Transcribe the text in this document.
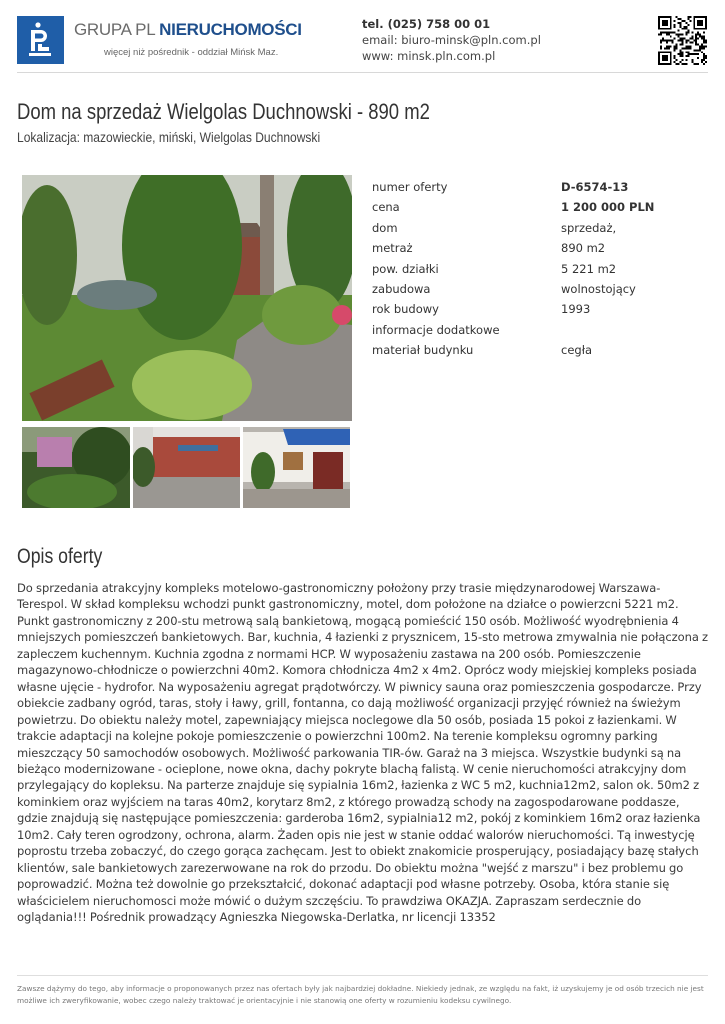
GRUPA PL NIERUCHOMOŚCI
więcej niż pośrednik - oddział Mińsk Maz.
tel. (025) 758 00 01
email: biuro-minsk@pln.com.pl
www: minsk.pln.com.pl
Dom na sprzedaż Wielgolas Duchnowski - 890 m2
Lokalizacja: mazowieckie, miński, Wielgolas Duchnowski
numer oferty	D-6574-13
cena	1 200 000 PLN
dom	sprzedaż,
metraż	890 m2
pow. działki	5 221 m2
zabudowa	wolnostojący
rok budowy	1993
informacje dodatkowe
materiał budynku	cegła
Opis oferty

Do sprzedania atrakcyjny kompleks motelowo-gastronomiczny położony przy trasie międzynarodowej Warszawa-Terespol. W skład kompleksu wchodzi punkt gastronomiczny, motel, dom położone na działce o powierzcni 5221 m2. Punkt gastronomiczny z 200-stu metrową salą bankietową, mogącą pomieścić 150 osób. Możliwość wyodrębnienia 4 mniejszych pomieszczeń bankietowych. Bar, kuchnia, 4 łazienki z prysznicem, 15-sto metrowa zmywalnia nie połączona z zapleczem kuchennym. Kuchnia zgodna z normami HCP. W wyposażeniu zastawa na 200 osób. Pomieszczenie magazynowo-chłodnicze o powierzchni 40m2. Komora chłodnicza 4m2 x 4m2. Oprócz wody miejskiej kompleks posiada własne ujęcie - hydrofor. Na wyposażeniu agregat prądotwórczy. W piwnicy sauna oraz pomieszczenia gospodarcze. Przy obiekcie zadbany ogród, taras, stoły i ławy, grill, fontanna, co dają możliwość organizacji przyjęć również na świeżym powietrzu. Do obiektu należy motel, zapewniający miejsca noclegowe dla 50 osób, posiada 15 pokoi z łazienkami. W trakcie adaptacji na kolejne pokoje pomieszczenie o powierzchni 100m2. Na terenie kompleksu ogromny parking mieszczący 50 samochodów osobowych. Możliwość parkowania TIR-ów. Garaż na 3 miejsca. Wszystkie budynki są na bieżąco modernizowane - ocieplone, nowe okna, dachy pokryte blachą falistą. W cenie nieruchomości atrakcyjny dom przylegający do kopleksu. Na parterze znajduje się sypialnia 16m2, łazienka z WC 5 m2, kuchnia12m2, salon ok. 50m2 z kominkiem oraz wyjściem na taras 40m2, korytarz 8m2, z którego prowadzą schody na zagospodarowane poddasze, gdzie znajdują się następujące pomieszczenia: garderoba 16m2, sypialnia12 m2, pokój z kominkiem 16m2 oraz łazienka 10m2. Cały teren ogrodzony, ochrona, alarm. Żaden opis nie jest w stanie oddać walorów nieruchomości. Tą inwestycję poprostu trzeba zobaczyć, do czego gorąca zachęcam. Jest to obiekt znakomicie prosperujący, posiadający bazę stałych klientów, sale bankietowych zarezerwowane na rok do przodu. Do obiektu można "wejść z marszu" i bez problemu go poprowadzić. Można też dowolnie go przekształcić, dokonać adaptacji pod własne potrzeby. Osoba, która stanie się właścicielem nieruchomosci może mówić o dużym szczęściu. To prawdziwa OKAZJA. Zapraszam serdecznie do oglądania!!! Pośrednik prowadzący Agnieszka Niegowska-Derlatka, nr licencji 13352

Zawsze dążymy do tego, aby informacje o proponowanych przez nas ofertach były jak najbardziej dokładne. Niekiedy jednak, ze względu na fakt, iż uzyskujemy je od osób trzecich nie jest możliwe ich zweryfikowanie, wobec czego należy traktować je orientacyjnie i nie stanowią one oferty w rozumieniu kodeksu cywilnego.
